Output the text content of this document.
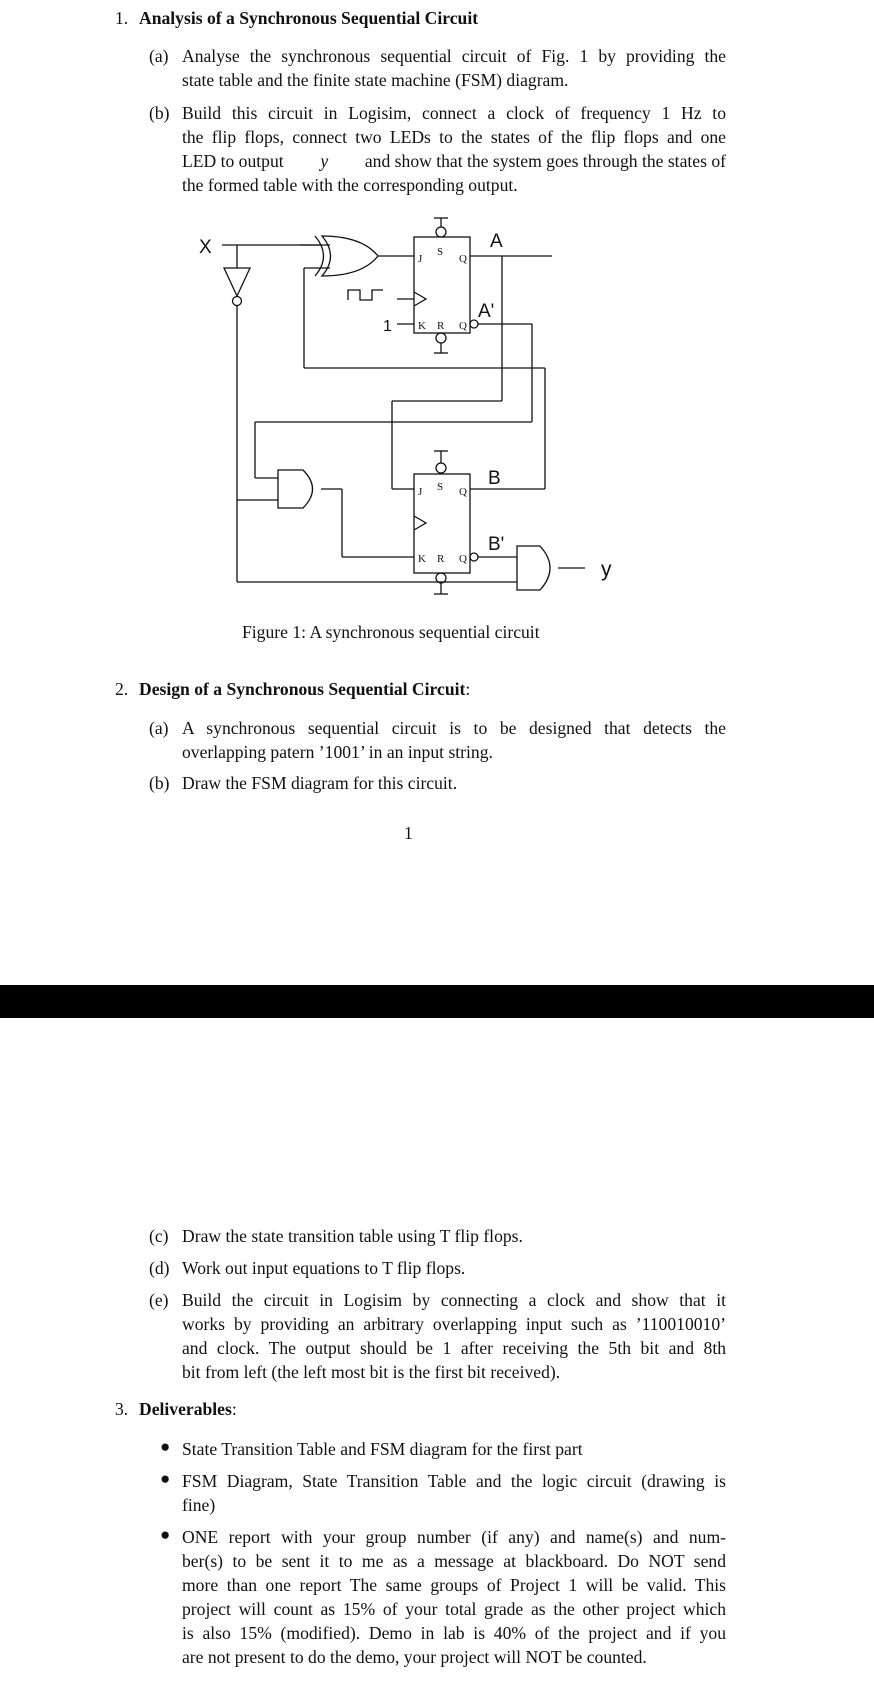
1. Analysis of a Synchronous Sequential Circuit
(a) Analyse the synchronous sequential circuit of Fig. 1 by providing the
state table and the finite state machine (FSM) diagram.
(b) Build this circuit in Logisim, connect a clock of frequency 1 Hz to
the flip flops, connect two LEDs to the states of the flip flops and one
LED to output y and show that the system goes through the states of
the formed table with the corresponding output.
X	A
A'
B
B'
y
1
J
S
Q
K R Q
J S Q
K R Q
Figure 1: A synchronous sequential circuit
2. Design of a Synchronous Sequential Circuit:
(a) A synchronous sequential circuit is to be designed that detects the
overlapping patern ’1001’ in an input string.
(b) Draw the FSM diagram for this circuit.
1
(c) Draw the state transition table using T flip flops.
(d) Work out input equations to T flip flops.
(e) Build the circuit in Logisim by connecting a clock and show that it
works by providing an arbitrary overlapping input such as ’110010010’
and clock. The output should be 1 after receiving the 5th bit and 8th
bit from left (the left most bit is the first bit received).
3. Deliverables:
● State Transition Table and FSM diagram for the first part
● FSM Diagram, State Transition Table and the logic circuit (drawing is
fine)
● ONE report with your group number (if any) and name(s) and num-
ber(s) to be sent it to me as a message at blackboard. Do NOT send
more than one report The same groups of Project 1 will be valid. This
project will count as 15% of your total grade as the other project which
is also 15% (modified). Demo in lab is 40% of the project and if you
are not present to do the demo, your project will NOT be counted.
